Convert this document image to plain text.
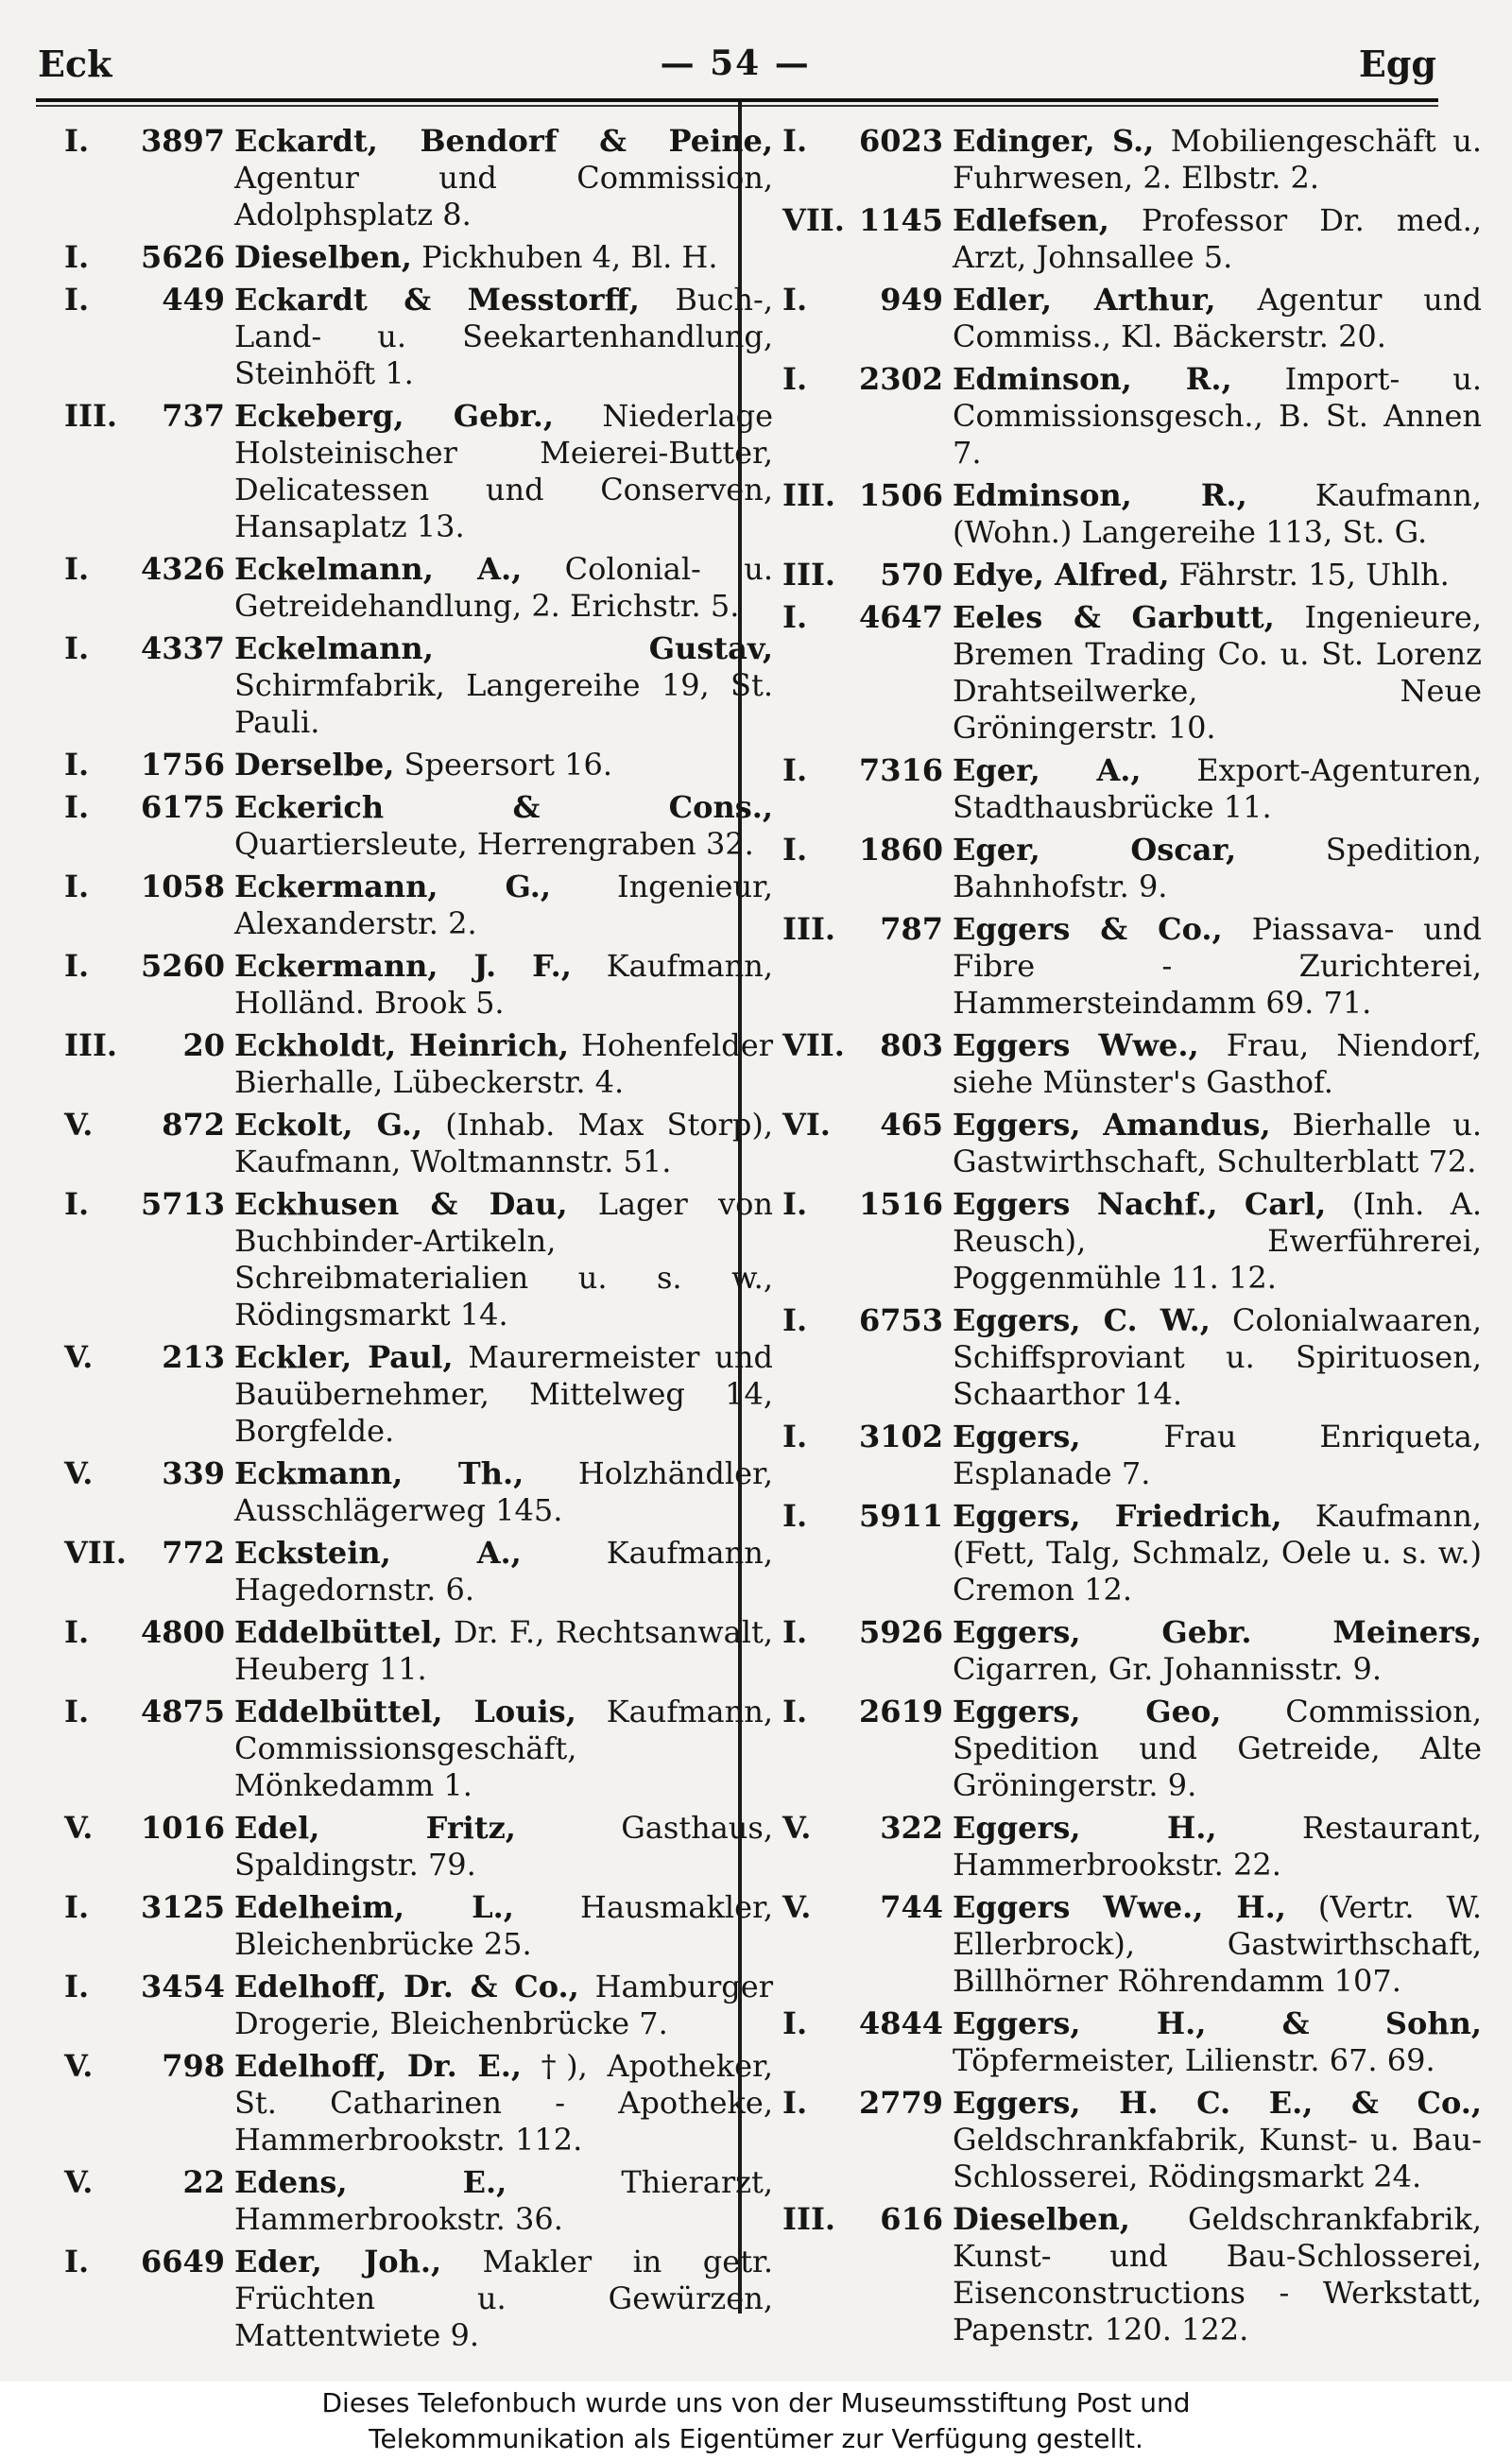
Eck	— 54 —	Egg
I. 3897 Eckardt, Bendorf & Peine, Agentur und Commission, Adolphsplatz 8.
I. 5626 Dieselben, Pickhuben 4, Bl. H.
I. 449 Eckardt & Messtorff, Buch-, Land- u. Seekartenhandlung, Steinhöft 1.
III. 737 Eckeberg, Gebr., Niederlage Holsteinischer Meierei-Butter, Delicatessen und Conserven, Hansaplatz 13.
I. 4326 Eckelmann, A., Colonial- u. Getreidehandlung, 2. Erichstr. 5.
I. 4337 Eckelmann, Gustav, Schirmfabrik, Langereihe 19, St. Pauli.
I. 1756 Derselbe, Speersort 16.
I. 6175 Eckerich & Cons., Quartiersleute, Herrengraben 32.
I. 1058 Eckermann, G., Ingenieur, Alexanderstr. 2.
I. 5260 Eckermann, J. F., Kaufmann, Holländ. Brook 5.
III. 20 Eckholdt, Heinrich, Hohenfelder Bierhalle, Lübeckerstr. 4.
V. 872 Eckolt, G., (Inhab. Max Storp), Kaufmann, Woltmannstr. 51.
I. 5713 Eckhusen & Dau, Lager von Buchbinder-Artikeln, Schreibmaterialien u. s. w., Rödingsmarkt 14.
V. 213 Eckler, Paul, Maurermeister und Bauübernehmer, Mittelweg 14, Borgfelde.
V. 339 Eckmann, Th., Holzhändler, Ausschlägerweg 145.
VII. 772 Eckstein, A., Kaufmann, Hagedornstr. 6.
I. 4800 Eddelbüttel, Dr. F., Rechtsanwalt, Heuberg 11.
I. 4875 Eddelbüttel, Louis, Kaufmann, Commissionsgeschäft, Mönkedamm 1.
V. 1016 Edel, Fritz, Gasthaus, Spaldingstr. 79.
I. 3125 Edelheim, L., Hausmakler, Bleichenbrücke 25.
I. 3454 Edelhoff, Dr. & Co., Hamburger Drogerie, Bleichenbrücke 7.
V. 798 Edelhoff, Dr. E., †), Apotheker, St. Catharinen - Apotheke, Hammerbrookstr. 112.
V.	22 Edens, E., Thierarzt, Hammerbrookstr. 36.
I. 6649 Eder, Joh., Makler in getr. Früchten u. Gewürzen, Mattentwiete 9.
I. 6023 Edinger, S., Mobiliengeschäft u. Fuhrwesen, 2. Elbstr. 2.
VII. 1145 Edlefsen, Professor Dr. med., Arzt, Johnsallee 5.
I. 949 Edler, Arthur, Agentur und Commiss., Kl. Bäckerstr. 20.
I. 2302 Edminson, R., Import- u. Commissionsgesch., B. St. Annen 7.
III. 1506 Edminson, R., Kaufmann, (Wohn.) Langereihe 113, St. G.
III. 570 Edye, Alfred, Fährstr. 15, Uhlh.
I. 4647 Eeles & Garbutt, Ingenieure, Bremen Trading Co. u. St. Lorenz Drahtseilwerke, Neue Gröningerstr. 10.
I. 7316 Eger, A., Export-Agenturen, Stadthausbrücke 11.
I. 1860 Eger, Oscar, Spedition, Bahnhofstr. 9.
III. 787 Eggers & Co., Piassava- und Fibre - Zurichterei, Hammersteindamm 69. 71.
VII. 803 Eggers Wwe., Frau, Niendorf, siehe Münster's Gasthof.
VI. 465 Eggers, Amandus, Bierhalle u. Gastwirthschaft, Schulterblatt 72.
I. 1516 Eggers Nachf., Carl, (Inh. A. Reusch), Ewerführerei, Poggenmühle 11. 12.
I. 6753 Eggers, C. W., Colonialwaaren, Schiffsproviant u. Spirituosen, Schaarthor 14.
I. 3102 Eggers, Frau Enriqueta, Esplanade 7.
I. 5911 Eggers, Friedrich, Kaufmann, (Fett, Talg, Schmalz, Oele u. s. w.) Cremon 12.
I. 5926 Eggers, Gebr. Meiners, Cigarren, Gr. Johannisstr. 9.
I. 2619 Eggers, Geo, Commission, Spedition und Getreide, Alte Gröningerstr. 9.
V. 322 Eggers, H., Restaurant, Hammerbrookstr. 22.
V. 744 Eggers Wwe., H., (Vertr. W. Ellerbrock), Gastwirthschaft, Billhörner Röhrendamm 107.
I. 4844 Eggers, H., & Sohn, Töpfermeister, Lilienstr. 67. 69.
I. 2779 Eggers, H. C. E., & Co., Geldschrankfabrik, Kunst- u. Bau-Schlosserei, Rödingsmarkt 24.
III. 616 Dieselben, Geldschrankfabrik, Kunst- und Bau-Schlosserei, Eisenconstructions - Werkstatt, Papenstr. 120. 122.
Dieses Telefonbuch wurde uns von der Museumsstiftung Post und
Telekommunikation als Eigentümer zur Verfügung gestellt.
